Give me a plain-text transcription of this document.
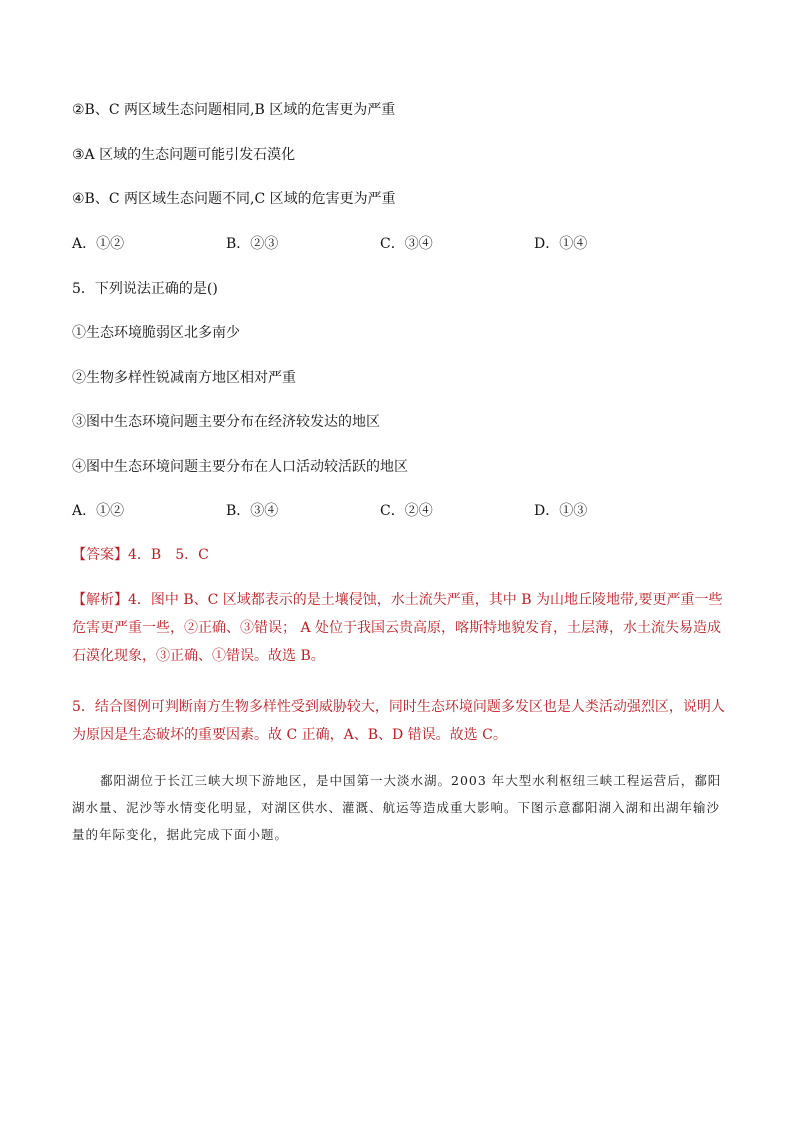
②B、C 两区域生态问题相同,B 区域的危害更为严重
③A 区域的生态问题可能引发石漠化
④B、C 两区域生态问题不同,C 区域的危害更为严重
A．①②	B．②③	C．③④	D．①④
5．下列说法正确的是()
①生态环境脆弱区北多南少
②生物多样性锐减南方地区相对严重
③图中生态环境问题主要分布在经济较发达的地区
④图中生态环境问题主要分布在人口活动较活跃的地区
A．①②	B．③④	C．②④	D．①③
【答案】4．B　5．C
【解析】4．图中 B、C 区域都表示的是土壤侵蚀，水土流失严重，其中 B 为山地丘陵地带,要更严重一些危害更严重一些，②正确、③错误； A 处位于我国云贵高原，喀斯特地貌发育，土层薄，水土流失易造成石漠化现象，③正确、①错误。故选 B。
5．结合图例可判断南方生物多样性受到威胁较大，同时生态环境问题多发区也是人类活动强烈区，说明人为原因是生态破坏的重要因素。故 C 正确，A、B、D 错误。故选 C。
鄱阳湖位于长江三峡大坝下游地区，是中国第一大淡水湖。2003 年大型水利枢纽三峡工程运营后，鄱阳湖水量、泥沙等水情变化明显，对湖区供水、灌溉、航运等造成重大影响。下图示意鄱阳湖入湖和出湖年输沙量的年际变化，据此完成下面小题。
